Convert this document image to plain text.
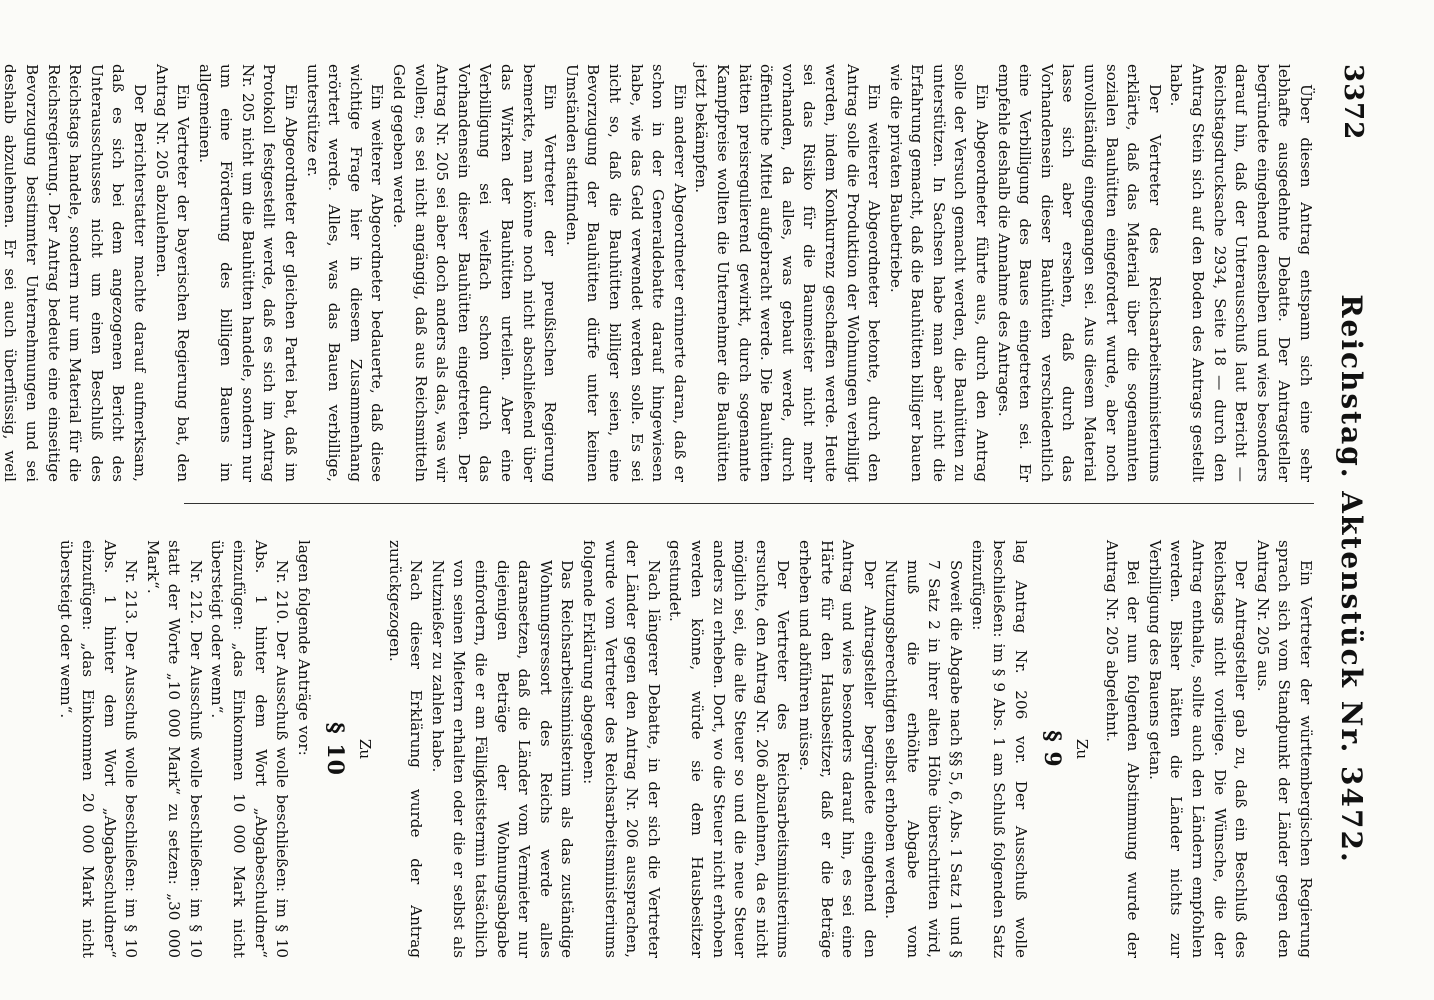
3372
Reichstag. Aktenstück Nr. 3472.

Über diesen Antrag entspann sich eine sehr lebhafte ausgedehnte Debatte. Der Antragsteller begründete eingehend denselben und wies besonders darauf hin, daß der Unterausschuß laut Bericht — Reichstagsdrucksache 2934, Seite 18 — durch den Antrag Stein sich auf den Boden des Antrags gestellt habe.

Der Vertreter des Reichsarbeitsministeriums erklärte, daß das Material über die sogenannten sozialen Bauhütten eingefordert wurde, aber noch unvollständig eingegangen sei. Aus diesem Material lasse sich aber ersehen, daß durch das Vorhandensein dieser Bauhütten verschiedentlich eine Verbilligung des Baues eingetreten sei. Er empfehle deshalb die Annahme des Antrages.

Ein Abgeordneter führte aus, durch den Antrag solle der Versuch gemacht werden, die Bauhütten zu unterstützen. In Sachsen habe man aber nicht die Erfahrung gemacht, daß die Bauhütten billiger bauen wie die privaten Baubetriebe.

Ein weiterer Abgeordneter betonte, durch den Antrag solle die Produktion der Wohnungen verbilligt werden, indem Konkurrenz geschaffen werde. Heute sei das Risiko für die Baumeister nicht mehr vorhanden, da alles, was gebaut werde, durch öffentliche Mittel aufgebracht werde. Die Bauhütten hätten preisregulierend gewirkt, durch sogenannte Kampfpreise wollten die Unternehmer die Bauhütten jetzt bekämpfen.

Ein anderer Abgeordneter erinnerte daran, daß er schon in der Generaldebatte darauf hingewiesen habe, wie das Geld verwendet werden solle. Es sei nicht so, daß die Bauhütten billiger seien, eine Bevorzugung der Bauhütten dürfe unter keinen Umständen stattfinden.

Ein Vertreter der preußischen Regierung bemerkte, man könne noch nicht abschließend über das Wirken der Bauhütten urteilen. Aber eine Verbilligung sei vielfach schon durch das Vorhandensein dieser Bauhütten eingetreten. Der Antrag Nr. 205 sei aber doch anders als das, was wir wollen; es sei nicht angängig, daß aus Reichsmitteln Geld gegeben werde.

Ein weiterer Abgeordneter bedauerte, daß diese wichtige Frage hier in diesem Zusammenhang erörtert werde. Alles, was das Bauen verbillige, unterstütze er.

Ein Abgeordneter der gleichen Partei bat, daß im Protokoll festgestellt werde, daß es sich im Antrag Nr. 205 nicht um die Bauhütten handele, sondern nur um eine Förderung des billigen Bauens im allgemeinen.

Ein Vertreter der bayerischen Regierung bat, den Antrag Nr. 205 abzulehnen.

Der Berichterstatter machte darauf aufmerksam, daß es sich bei dem angezogenen Bericht des Unterausschusses nicht um einen Beschluß des Reichstags handele, sondern nur um Material für die Reichsregierung. Der Antrag bedeute eine einseitige Bevorzugung bestimmter Unternehmungen und sei deshalb abzulehnen. Er sei auch überflüssig, weil

Ein Vertreter der württembergischen Regierung sprach sich vom Standpunkt der Länder gegen den Antrag Nr. 205 aus.

Der Antragsteller gab zu, daß ein Beschluß des Reichstags nicht vorliege. Die Wünsche, die der Antrag enthalte, sollte auch den Ländern empfohlen werden. Bisher hätten die Länder nichts zur Verbilligung des Bauens getan.

Bei der nun folgenden Abstimmung wurde der Antrag Nr. 205 abgelehnt.

Zu

§ 9

lag Antrag Nr. 206 vor. Der Ausschuß wolle beschließen: im § 9 Abs. 1 am Schluß folgenden Satz einzufügen:

Soweit die Abgabe nach §§ 5, 6, Abs. 1 Satz 1 und § 7 Satz 2 in ihrer alten Höhe überschritten wird, muß die erhöhte Abgabe vom Nutzungsberechtigten selbst erhoben werden.

Der Antragsteller begründete eingehend den Antrag und wies besonders darauf hin, es sei eine Härte für den Hausbesitzer, daß er die Beträge erheben und abführen müsse.

Der Vertreter des Reichsarbeitsministeriums ersuchte, den Antrag Nr. 206 abzulehnen, da es nicht möglich sei, die alte Steuer so und die neue Steuer anders zu erheben. Dort, wo die Steuer nicht erhoben werden könne, würde sie dem Hausbesitzer gestundet.

Nach längerer Debatte, in der sich die Vertreter der Länder gegen den Antrag Nr. 206 aussprachen, wurde vom Vertreter des Reichsarbeitsministeriums folgende Erklärung abgegeben:

Das Reichsarbeitsministerium als das zuständige Wohnungsressort des Reichs werde alles daransetzen, daß die Länder vom Vermieter nur diejenigen Beträge der Wohnungsabgabe einfordern, die er am Fälligkeitstermin tatsächlich von seinen Mietern erhalten oder die er selbst als Nutznießer zu zahlen habe.

Nach dieser Erklärung wurde der Antrag zurückgezogen.

Zu

§ 10

lagen folgende Anträge vor:

Nr. 210. Der Ausschuß wolle beschließen: im § 10 Abs. 1 hinter dem Wort „Abgabeschuldner“ einzufügen: „das Einkommen 10 000 Mark nicht übersteigt oder wenn“.

Nr. 212. Der Ausschuß wolle beschließen: im § 10 statt der Worte „10 000 Mark“ zu setzen: „30 000 Mark“.

Nr. 213. Der Ausschuß wolle beschließen: im § 10 Abs. 1 hinter dem Wort „Abgabeschuldner“ einzufügen: „das Einkommen 20 000 Mark nicht übersteigt oder wenn“.
